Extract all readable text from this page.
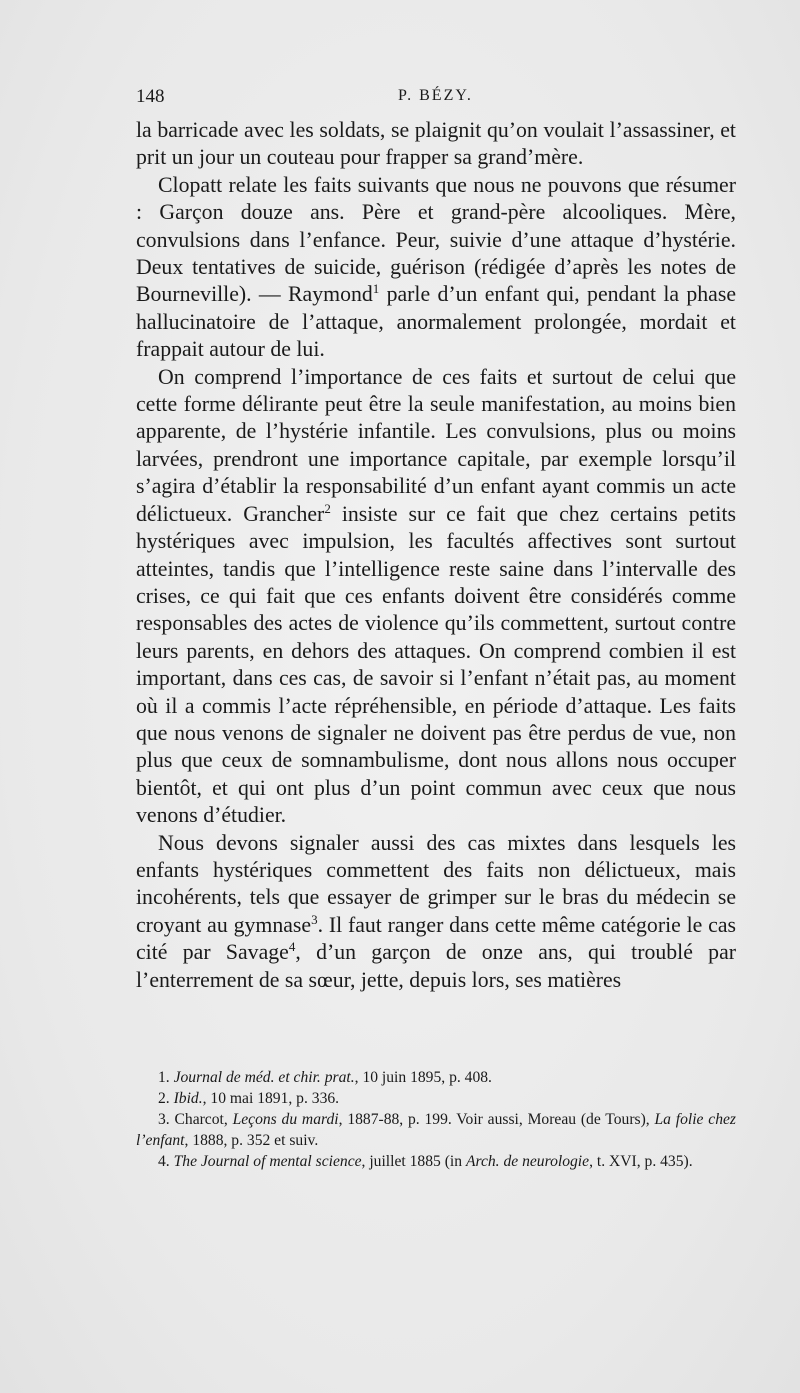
148	P. BÉZY.

la barricade avec les soldats, se plaignit qu’on voulait l’assassiner, et prit un jour un couteau pour frapper sa grand’mère.

Clopatt relate les faits suivants que nous ne pouvons que résumer : Garçon douze ans. Père et grand-père alcooliques. Mère, convulsions dans l’enfance. Peur, suivie d’une attaque d’hystérie. Deux tentatives de suicide, guérison (rédigée d’après les notes de Bourneville). — Raymond$^1$ parle d’un enfant qui, pendant la phase hallucinatoire de l’attaque, anormalement prolongée, mordait et frappait autour de lui.

On comprend l’importance de ces faits et surtout de celui que cette forme délirante peut être la seule manifestation, au moins bien apparente, de l’hystérie infantile. Les convulsions, plus ou moins larvées, prendront une importance capitale, par exemple lorsqu’il s’agira d’établir la responsabilité d’un enfant ayant commis un acte délictueux. Grancher$^2$ insiste sur ce fait que chez certains petits hystériques avec impulsion, les facultés affectives sont surtout atteintes, tandis que l’intelligence reste saine dans l’intervalle des crises, ce qui fait que ces enfants doivent être considérés comme responsables des actes de violence qu’ils commettent, surtout contre leurs parents, en dehors des attaques. On comprend combien il est important, dans ces cas, de savoir si l’enfant n’était pas, au moment où il a commis l’acte répréhensible, en période d’attaque. Les faits que nous venons de signaler ne doivent pas être perdus de vue, non plus que ceux de somnambulisme, dont nous allons nous occuper bientôt, et qui ont plus d’un point commun avec ceux que nous venons d’étudier.

Nous devons signaler aussi des cas mixtes dans lesquels les enfants hystériques commettent des faits non délictueux, mais incohérents, tels que essayer de grimper sur le bras du médecin se croyant au gymnase$^3$. Il faut ranger dans cette même catégorie le cas cité par Savage$^4$, d’un garçon de onze ans, qui troublé par l’enterrement de sa sœur, jette, depuis lors, ses matières

1. Journal de méd. et chir. prat., 10 juin 1895, p. 408.

2. Ibid., 10 mai 1891, p. 336.

3. Charcot, Leçons du mardi, 1887-88, p. 199. Voir aussi, Moreau (de Tours), La folie chez l’enfant, 1888, p. 352 et suiv.

4. The Journal of mental science, juillet 1885 (in Arch. de neurologie, t. XVI, p. 435).
